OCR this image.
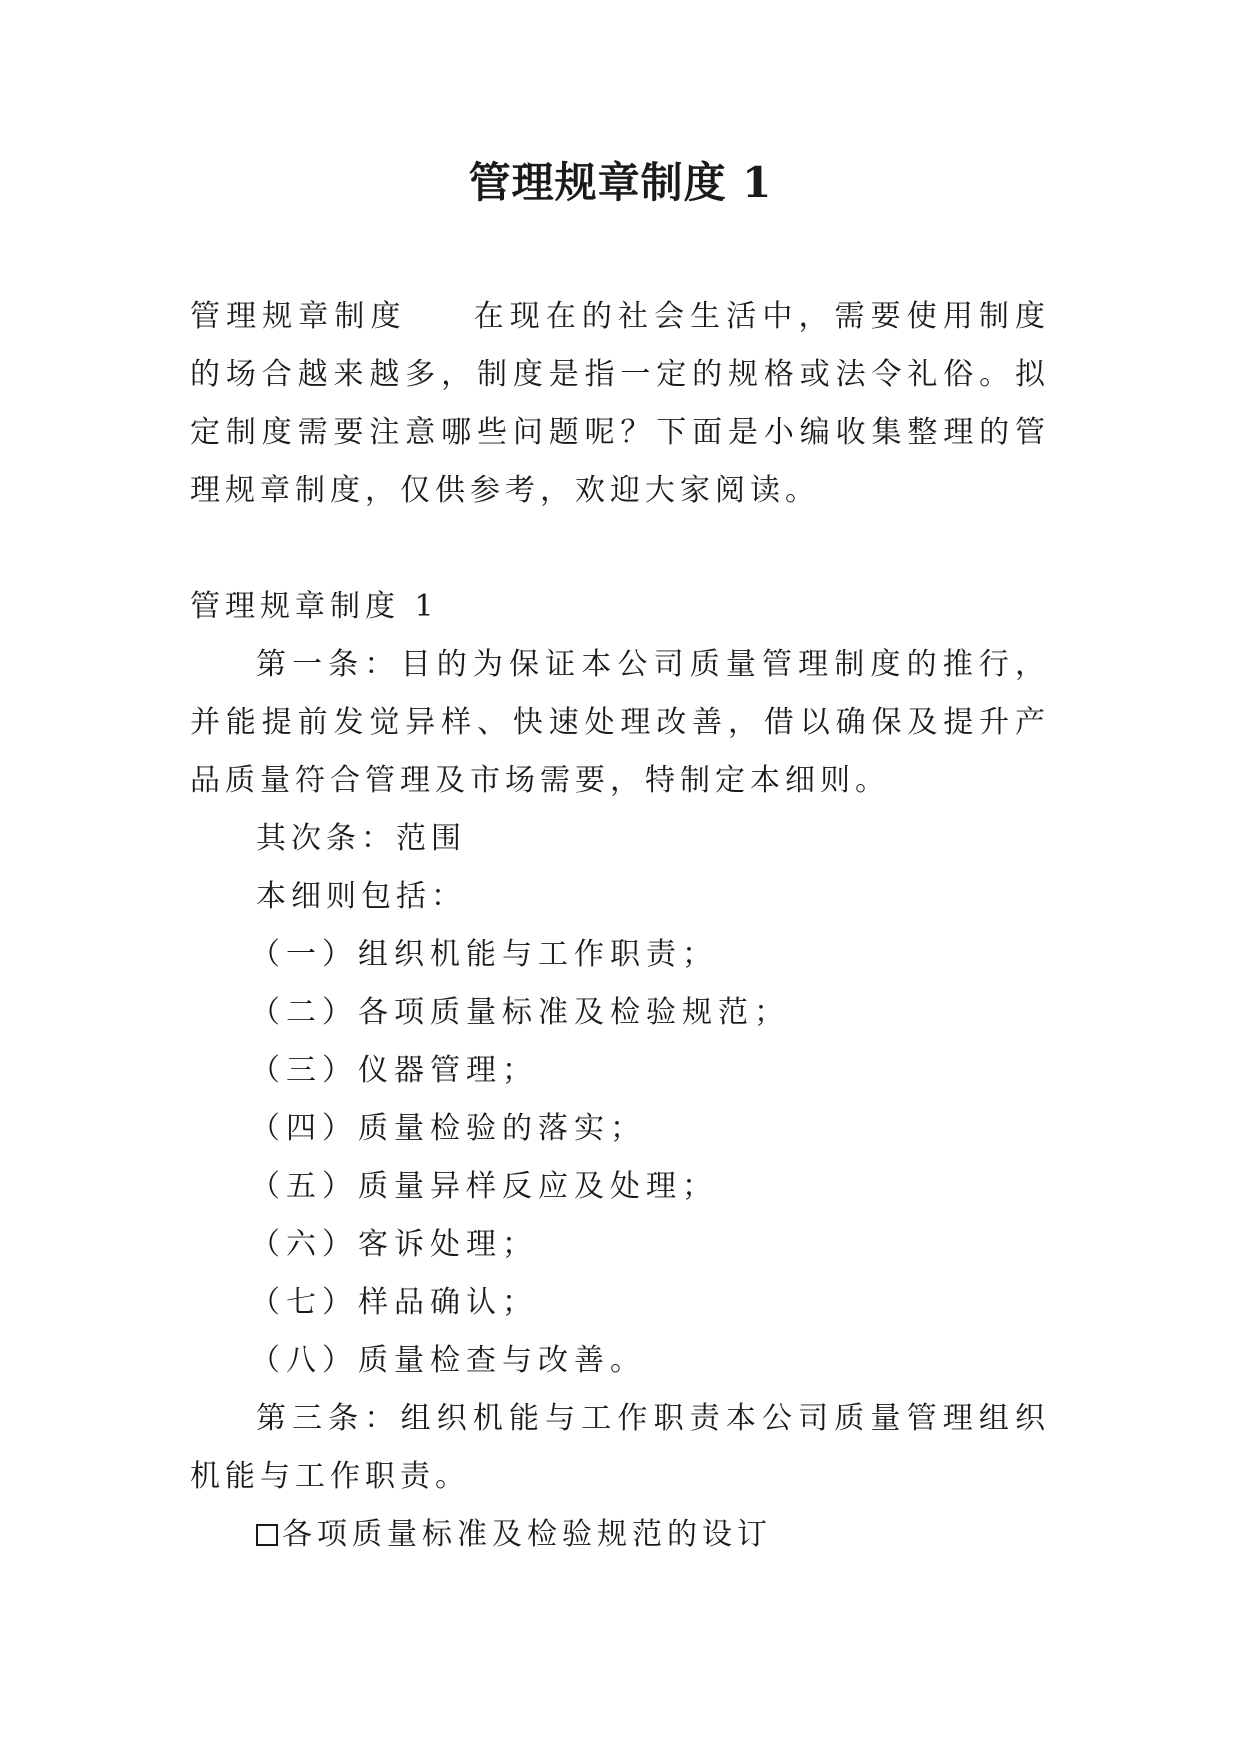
管理规章制度 1

管理规章制度 在现在的社会生活中，需要使用制度的场合越来越多，制度是指一定的规格或法令礼俗。拟定制度需要注意哪些问题呢？下面是小编收集整理的管理规章制度，仅供参考，欢迎大家阅读。

管理规章制度 1

第一条：目的为保证本公司质量管理制度的推行，并能提前发觉异样、快速处理改善，借以确保及提升产品质量符合管理及市场需要，特制定本细则。

其次条：范围

本细则包括：

（一）组织机能与工作职责；

（二）各项质量标准及检验规范；

（三）仪器管理；

（四）质量检验的落实；

（五）质量异样反应及处理；

（六）客诉处理；

（七）样品确认；

（八）质量检查与改善。

第三条：组织机能与工作职责本公司质量管理组织机能与工作职责。

各项质量标准及检验规范的设订
